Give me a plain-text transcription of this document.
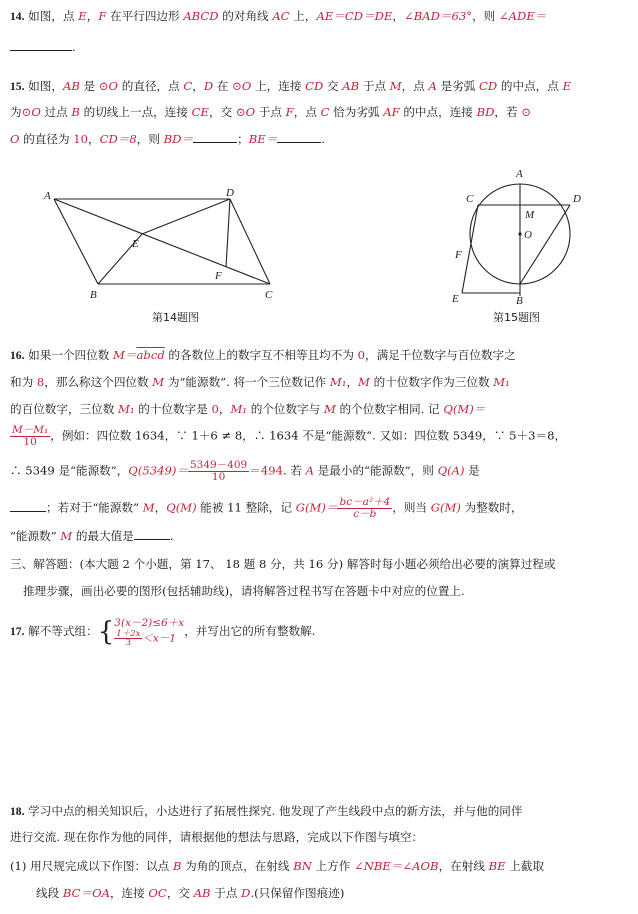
14. 如图，点 E，F 在平行四边形 ABCD 的对角线 AC 上，AE＝CD＝DE，∠BAD＝63°，则 ∠ADE＝
.
15. 如图，AB 是 ⊙O 的直径，点 C，D 在 ⊙O 上，连接 CD 交 AB 于点 M，点 A 是劣弧 CD 的中点，点 E
为⊙O 过点 B 的切线上一点，连接 CE，交 ⊙O 于点 F，点 C 恰为劣弧 AF 的中点，连接 BD，若 ⊙
O 的直径为 10，CD＝8，则 BD＝	；BE＝	.
A	D
E
F
B	C
第14题图
A
C	D
M
O
F
E	B
第15题图
16. 如果一个四位数 M＝abcd 的各数位上的数字互不相等且均不为 0，满足千位数字与百位数字之
和为 8，那么称这个四位数 M 为“能源数”. 将一个三位数记作 M₁，M 的十位数字作为三位数 M₁
的百位数字，三位数 M₁ 的十位数字是 0，M₁ 的个位数字与 M 的个位数字相同. 记 Q(M)＝
$\frac{\text{M－M₁}}{10}$ ，例如：四位数 1634，∵ 1＋6 ≠ 8，∴ 1634 不是“能源数”. 又如：四位数 5349，∵ 5＋3＝8，
∴ 5349 是“能源数”，$Q(5349)= \frac{5349-409}{10} =494$. 若 A 是最小的“能源数”，则 Q(A) 是
；若对于“能源数” M，Q(M) 能被 11 整除，记 $G(M)= \frac{\text{bc－a²＋4}}{c-b}$ ，则当 G(M) 为整数时，
“能源数” M 的最大值是	.
三、解答题：(本大题 2 个小题，第 17、 18 题 8 分，共 16 分) 解答时每小题必须给出必要的演算过程或
推理步骤，画出必要的图形(包括辅助线)，请将解答过程书写在答题卡中对应的位置上.
17. 解不等式组：{ 3(x－2)≤6＋x
$\frac{1+2x}{3} <x-1$
，并写出它的所有整数解.
18. 学习中点的相关知识后，小达进行了拓展性探究. 他发现了产生线段中点的新方法，并与他的同伴
进行交流. 现在你作为他的同伴，请根据他的想法与思路，完成以下作图与填空：
(1) 用尺规完成以下作图：以点 B 为角的顶点，在射线 BN 上方作 ∠NBE＝∠AOB，在射线 BE 上截取
线段 BC＝OA，连接 OC，交 AB 于点 D.(只保留作图痕迹)
